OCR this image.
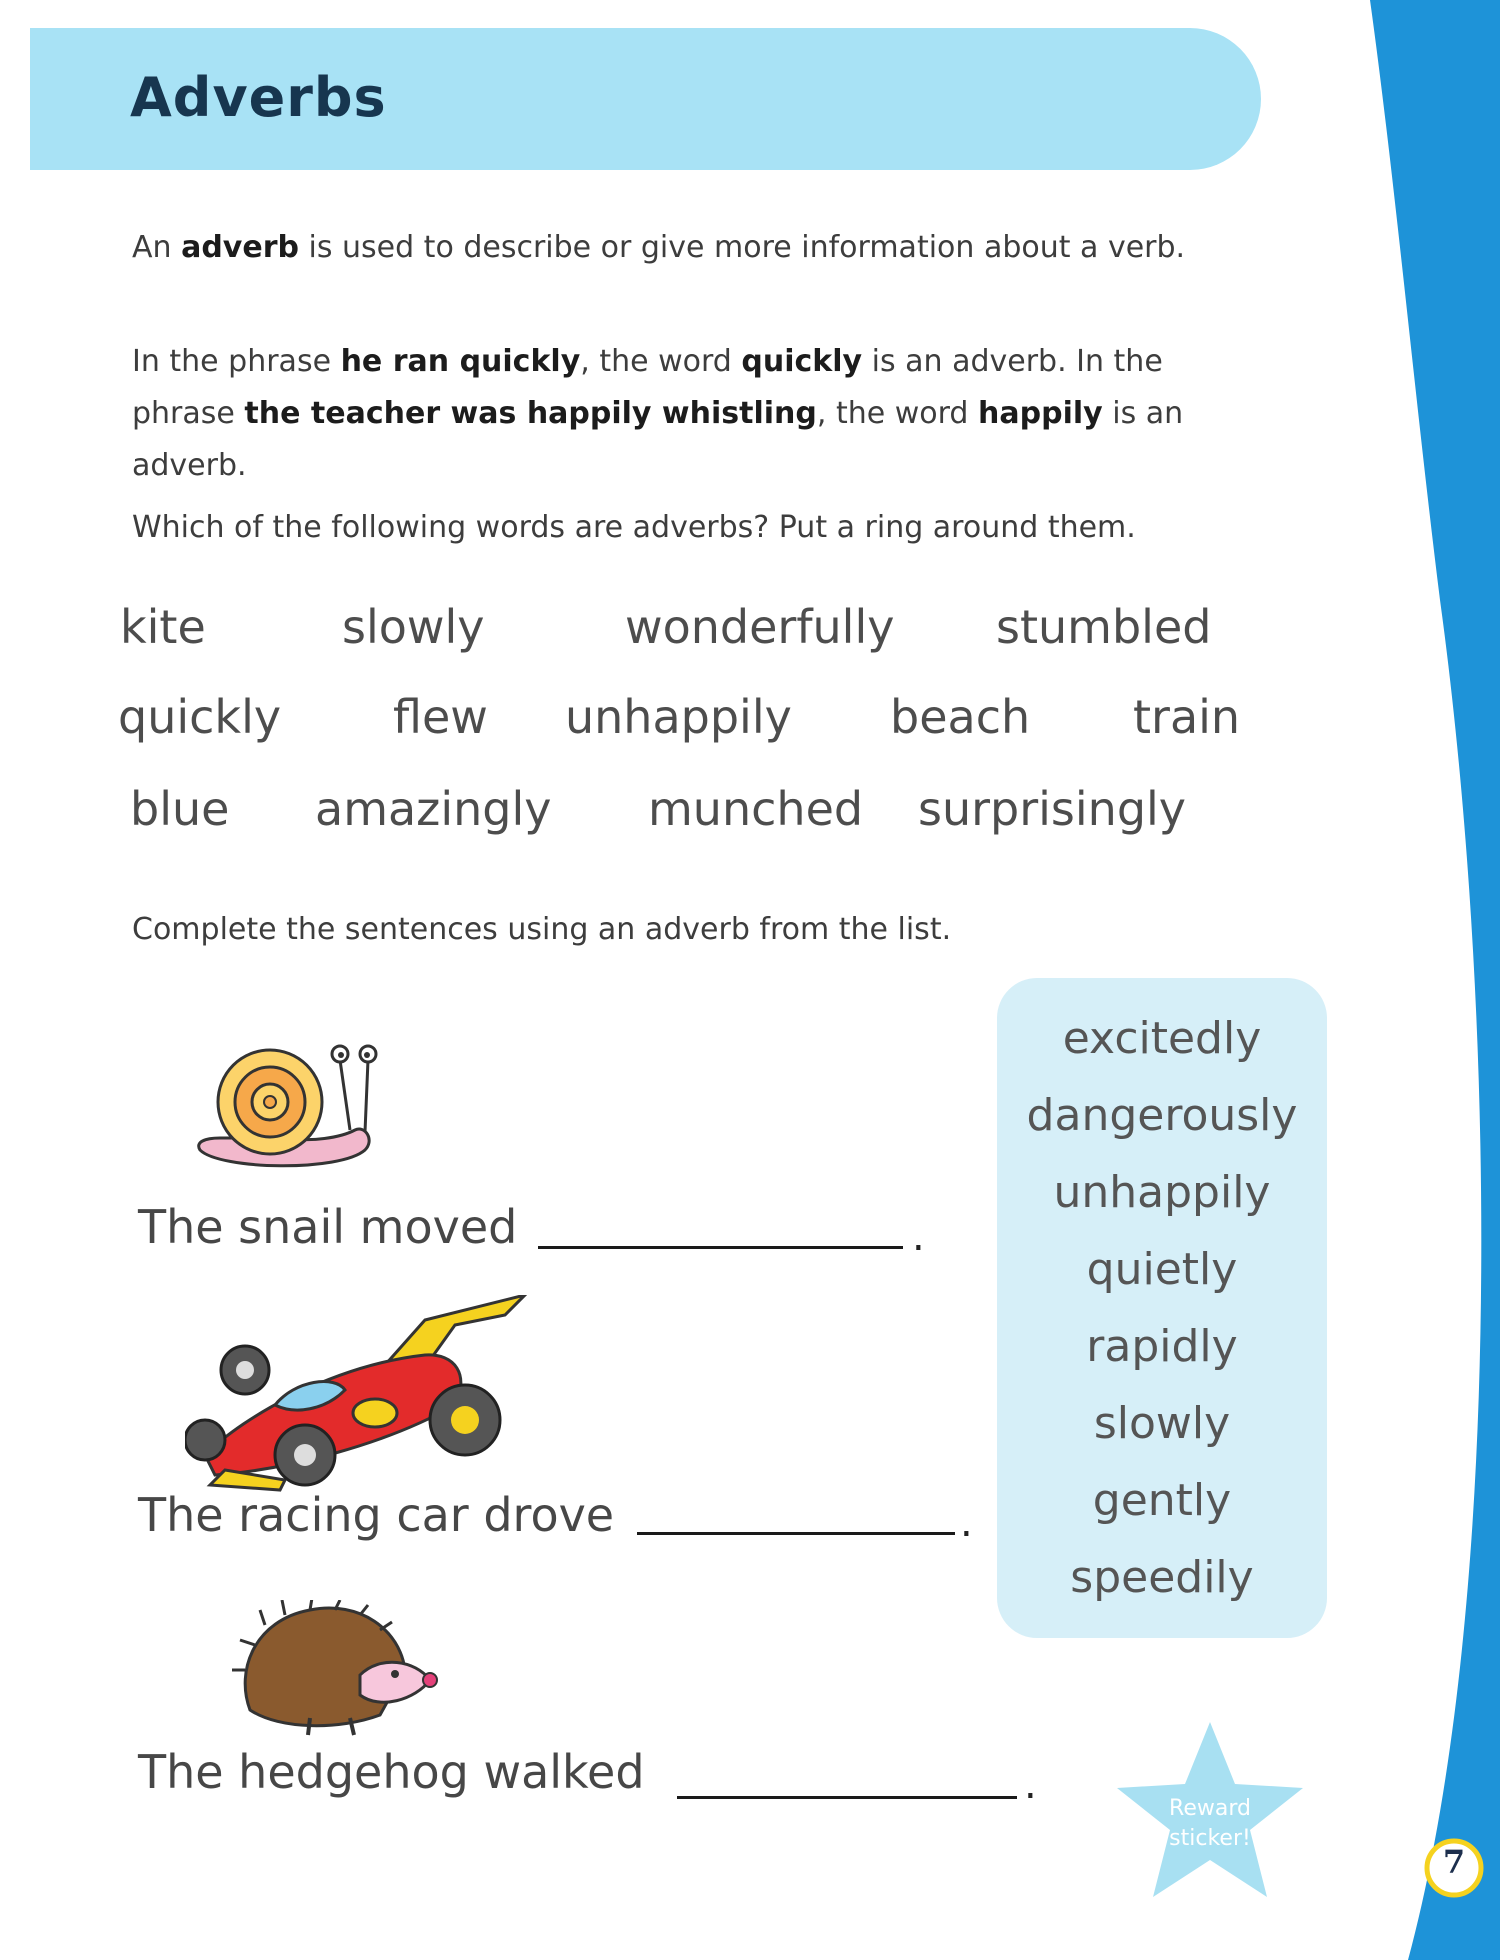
Adverbs

An adverb is used to describe or give more information about a verb.

In the phrase he ran quickly, the word quickly is an adverb. In the phrase the teacher was happily whistling, the word happily is an adverb.

Which of the following words are adverbs? Put a ring around them.

kite	slowly	wonderfully stumbled
quickly flew unhappily beach train
blue amazingly munched surprisingly

Complete the sentences using an adverb from the list.

excitedly
dangerously
unhappily
quietly
rapidly
slowly
gently
speedily
The snail moved	.
The racing car drove	.
The hedgehog walked	.
Reward
sticker!
7
